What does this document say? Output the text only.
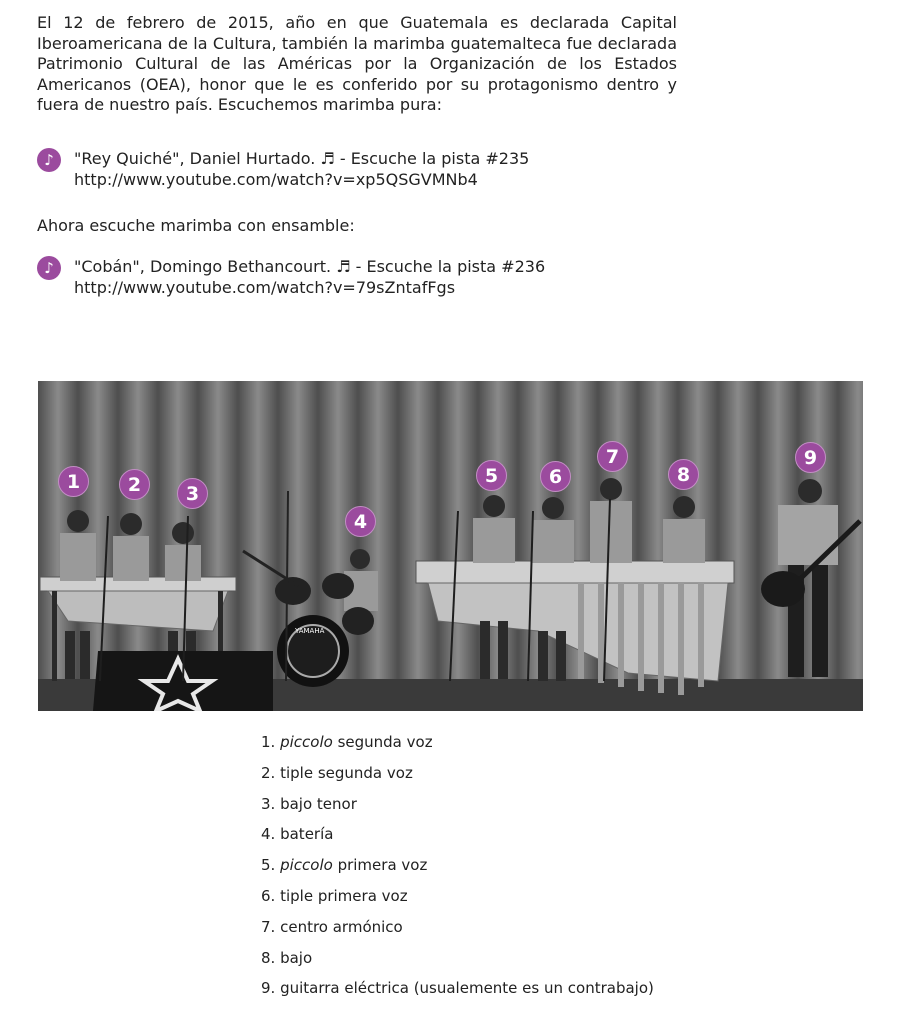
El 12 de febrero de 2015, año en que Guatemala es declarada Capital Iberoamericana de la Cultura, también la marimba guatemalteca fue declarada Patrimonio Cultural de las Américas por la Organización de los Estados Americanos (OEA), honor que le es conferido por su protagonismo dentro y fuera de nuestro país. Escuchemos marimba pura:

♪	"Rey Quiché", Daniel Hurtado. ♬ - Escuche la pista #235
http://www.youtube.com/watch?v=xp5QSGVMNb4

Ahora escuche marimba con ensamble:

♪	"Cobán", Domingo Bethancourt. ♬ - Escuche la pista #236
http://www.youtube.com/watch?v=79sZntafFgs
YAMAHA
1	2	3
4
5	6
7
8
9
1. piccolo segunda voz
2. tiple segunda voz
3. bajo tenor
4. batería
5. piccolo primera voz
6. tiple primera voz
7. centro armónico
8. bajo
9. guitarra eléctrica (usualemente es un contrabajo)
